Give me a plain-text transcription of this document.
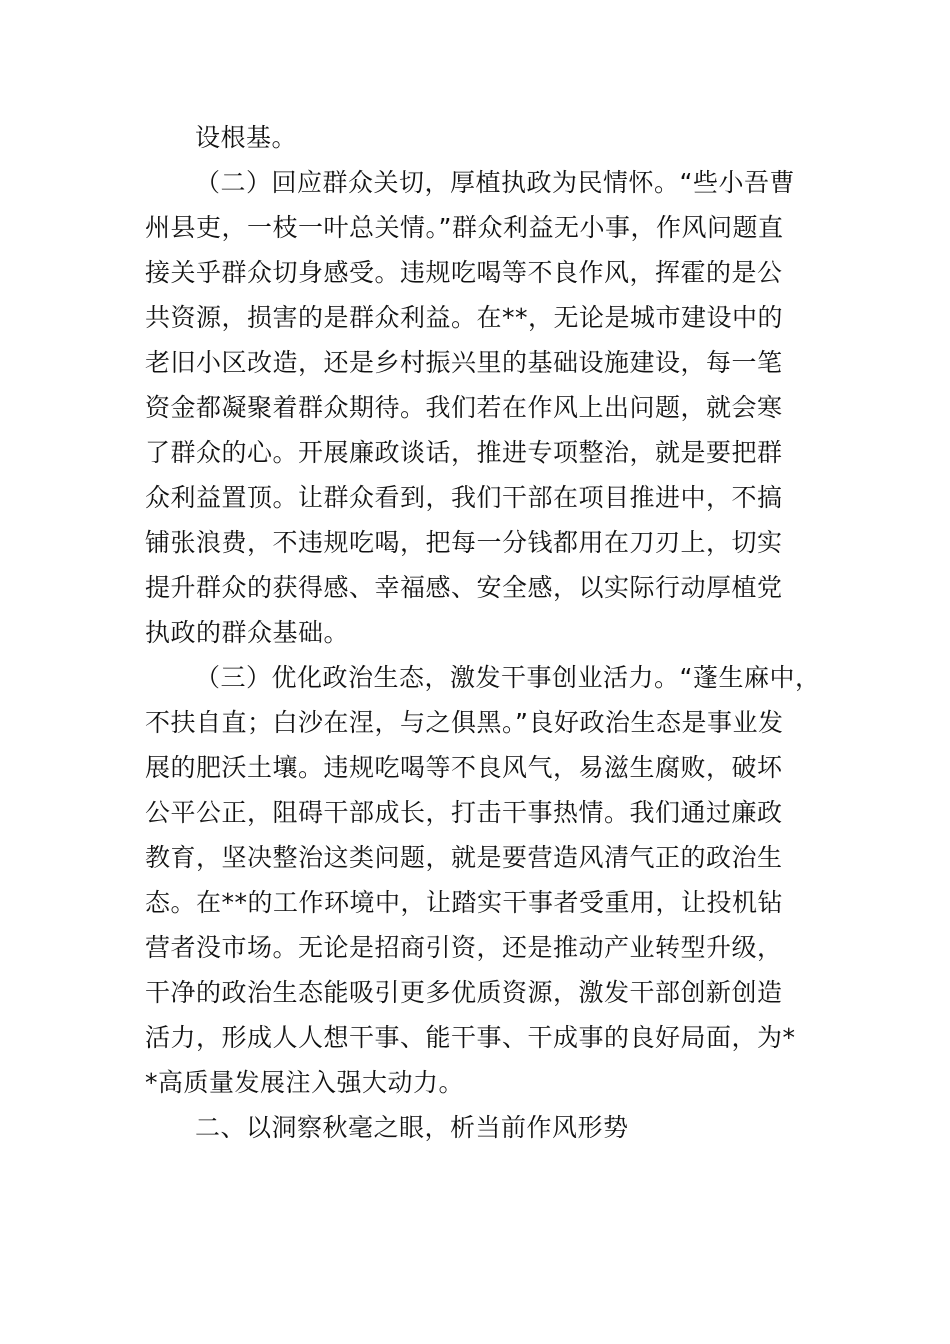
设根基。
（二）回应群众关切，厚植执政为民情怀。“些小吾曹
州县吏，一枝一叶总关情。”群众利益无小事，作风问题直
接关乎群众切身感受。违规吃喝等不良作风，挥霍的是公
共资源，损害的是群众利益。在**，无论是城市建设中的
老旧小区改造，还是乡村振兴里的基础设施建设，每一笔
资金都凝聚着群众期待。我们若在作风上出问题，就会寒
了群众的心。开展廉政谈话，推进专项整治，就是要把群
众利益置顶。让群众看到，我们干部在项目推进中，不搞
铺张浪费，不违规吃喝，把每一分钱都用在刀刃上，切实
提升群众的获得感、幸福感、安全感，以实际行动厚植党
执政的群众基础。
（三）优化政治生态，激发干事创业活力。“蓬生麻中，
不扶自直；白沙在涅，与之俱黑。”良好政治生态是事业发
展的肥沃土壤。违规吃喝等不良风气，易滋生腐败，破坏
公平公正，阻碍干部成长，打击干事热情。我们通过廉政
教育，坚决整治这类问题，就是要营造风清气正的政治生
态。在**的工作环境中，让踏实干事者受重用，让投机钻
营者没市场。无论是招商引资，还是推动产业转型升级，
干净的政治生态能吸引更多优质资源，激发干部创新创造
活力，形成人人想干事、能干事、干成事的良好局面，为*
*高质量发展注入强大动力。
二、以洞察秋毫之眼，析当前作风形势
